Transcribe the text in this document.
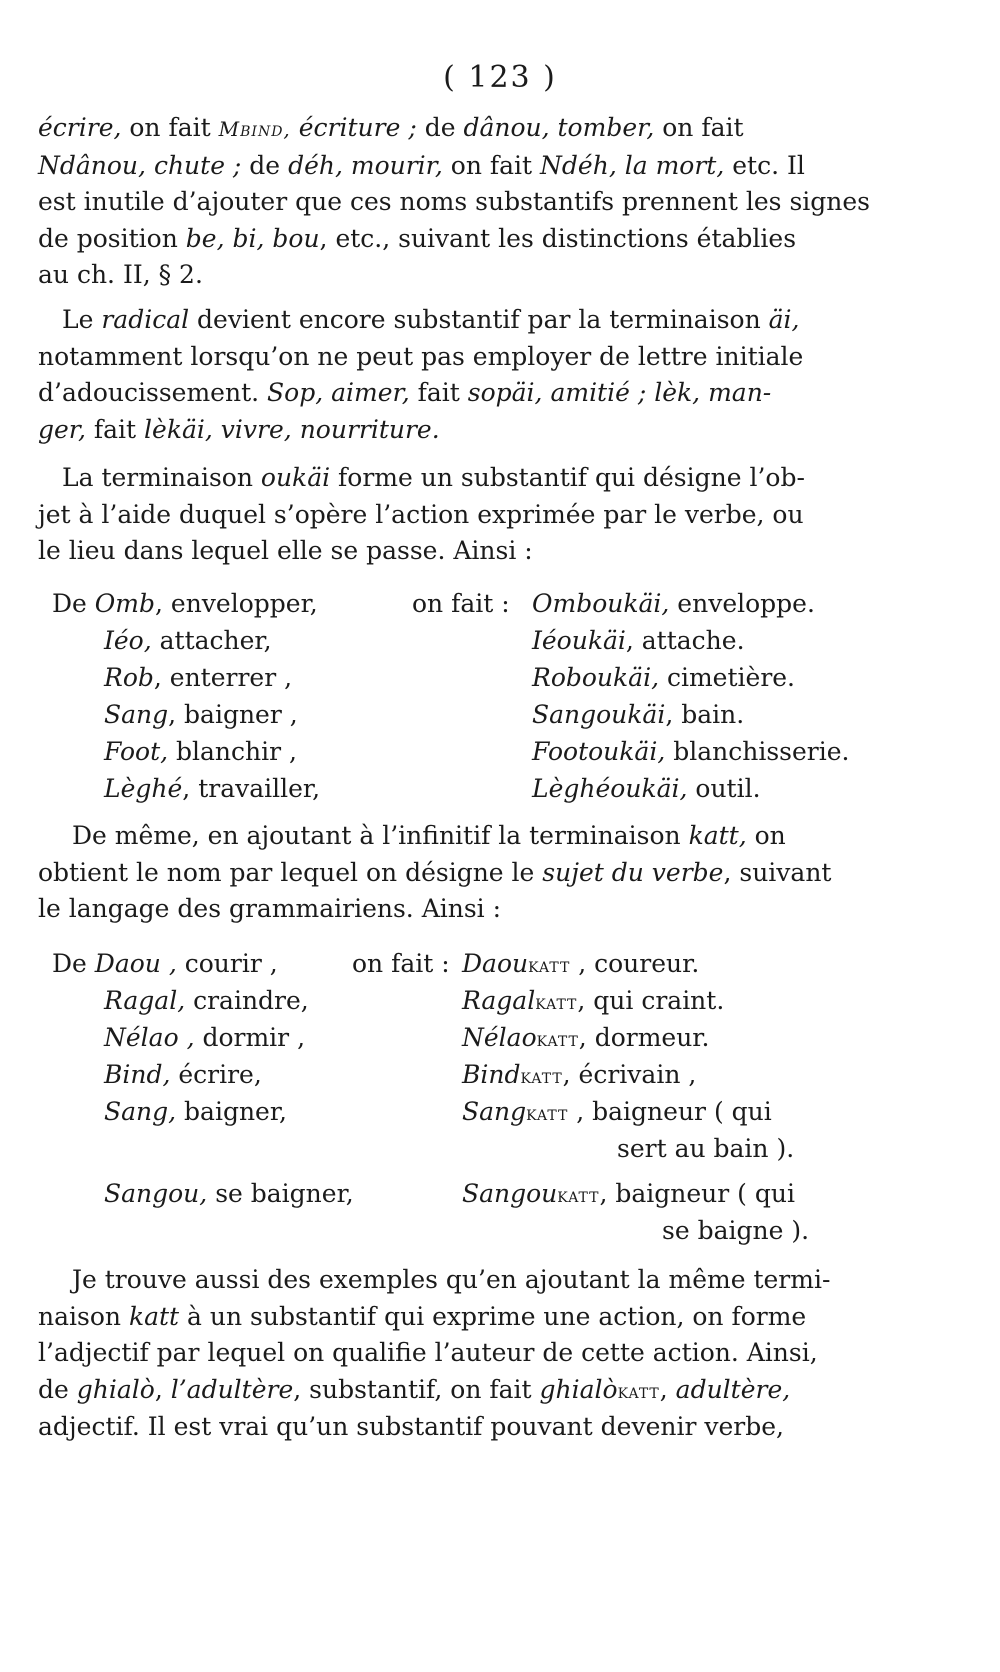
( 123 )
écrire, on fait Mbind, écriture ; de dânou, tomber, on fait
Ndânou, chute ; de déh, mourir, on fait Ndéh, la mort, etc. Il
est inutile d’ajouter que ces noms substantifs prennent les signes
de position be, bi, bou, etc., suivant les distinctions établies
au ch. II, § 2.
Le radical devient encore substantif par la terminaison äi,
notamment lorsqu’on ne peut pas employer de lettre initiale
d’adoucissement. Sop, aimer, fait sopäi, amitié ; lèk, man-
ger, fait lèkäi, vivre, nourriture.
La terminaison oukäi forme un substantif qui désigne l’ob-
jet à l’aide duquel s’opère l’action exprimée par le verbe, ou
le lieu dans lequel elle se passe. Ainsi :
De Omb, envelopper,	on fait : Omboukäi, enveloppe.
Iéo, attacher,	Iéoukäi, attache.
Rob, enterrer ,	Roboukäi, cimetière.
Sang, baigner ,	Sangoukäi, bain.
Foot, blanchir ,	Footoukäi, blanchisserie.
Lèghé, travailler,	Lèghéoukäi, outil.
De même, en ajoutant à l’infinitif la terminaison katt, on
obtient le nom par lequel on désigne le sujet du verbe, suivant
le langage des grammairiens. Ainsi :
De Daou , courir ,	on fait : Daoukatt , coureur.
Ragal, craindre,	Ragalkatt, qui craint.
Nélao , dormir ,	Nélaokatt, dormeur.
Bind, écrire,	Bindkatt, écrivain ,
Sang, baigner,	Sangkatt , baigneur ( qui
sert au bain ).
Sangou, se baigner,	Sangoukatt, baigneur ( qui
se baigne ).
Je trouve aussi des exemples qu’en ajoutant la même termi-
naison katt à un substantif qui exprime une action, on forme
l’adjectif par lequel on qualifie l’auteur de cette action. Ainsi,
de ghialò, l’adultère, substantif, on fait ghialòkatt, adultère,
adjectif. Il est vrai qu’un substantif pouvant devenir verbe,
